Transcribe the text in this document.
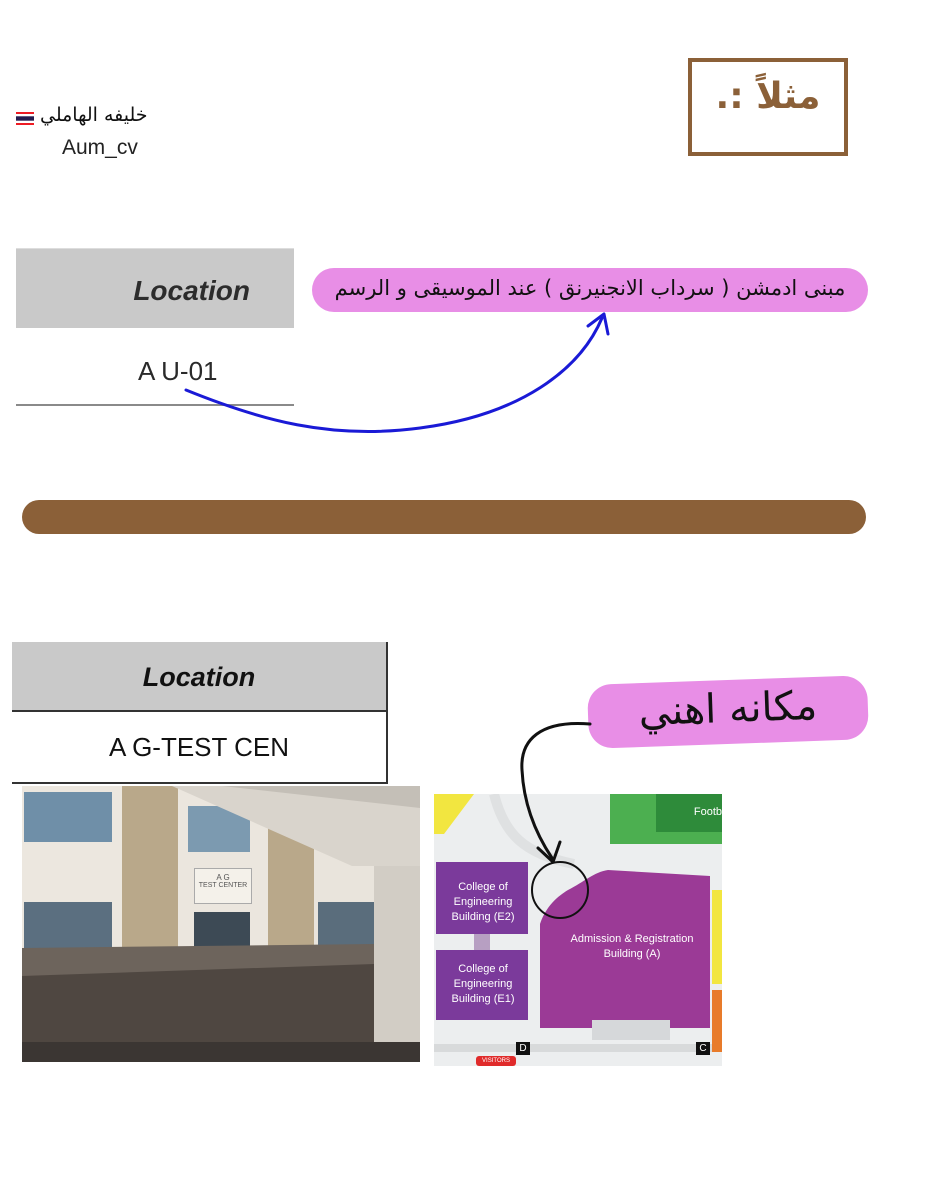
خليفه الهاملي
Aum_cv
مثلاً :.
Location
A U-01
مبنى ادمشن ( سرداب الانجنيرنق ) عند الموسيقى و الرسم
Location
A G-TEST CEN
مكانه اهني
A G
TEST CENTER	College of Engineering Building (E2)
College of Engineering Building (E1)
Admission & Registration Building (A)
Footb
D	C
VISITORS
